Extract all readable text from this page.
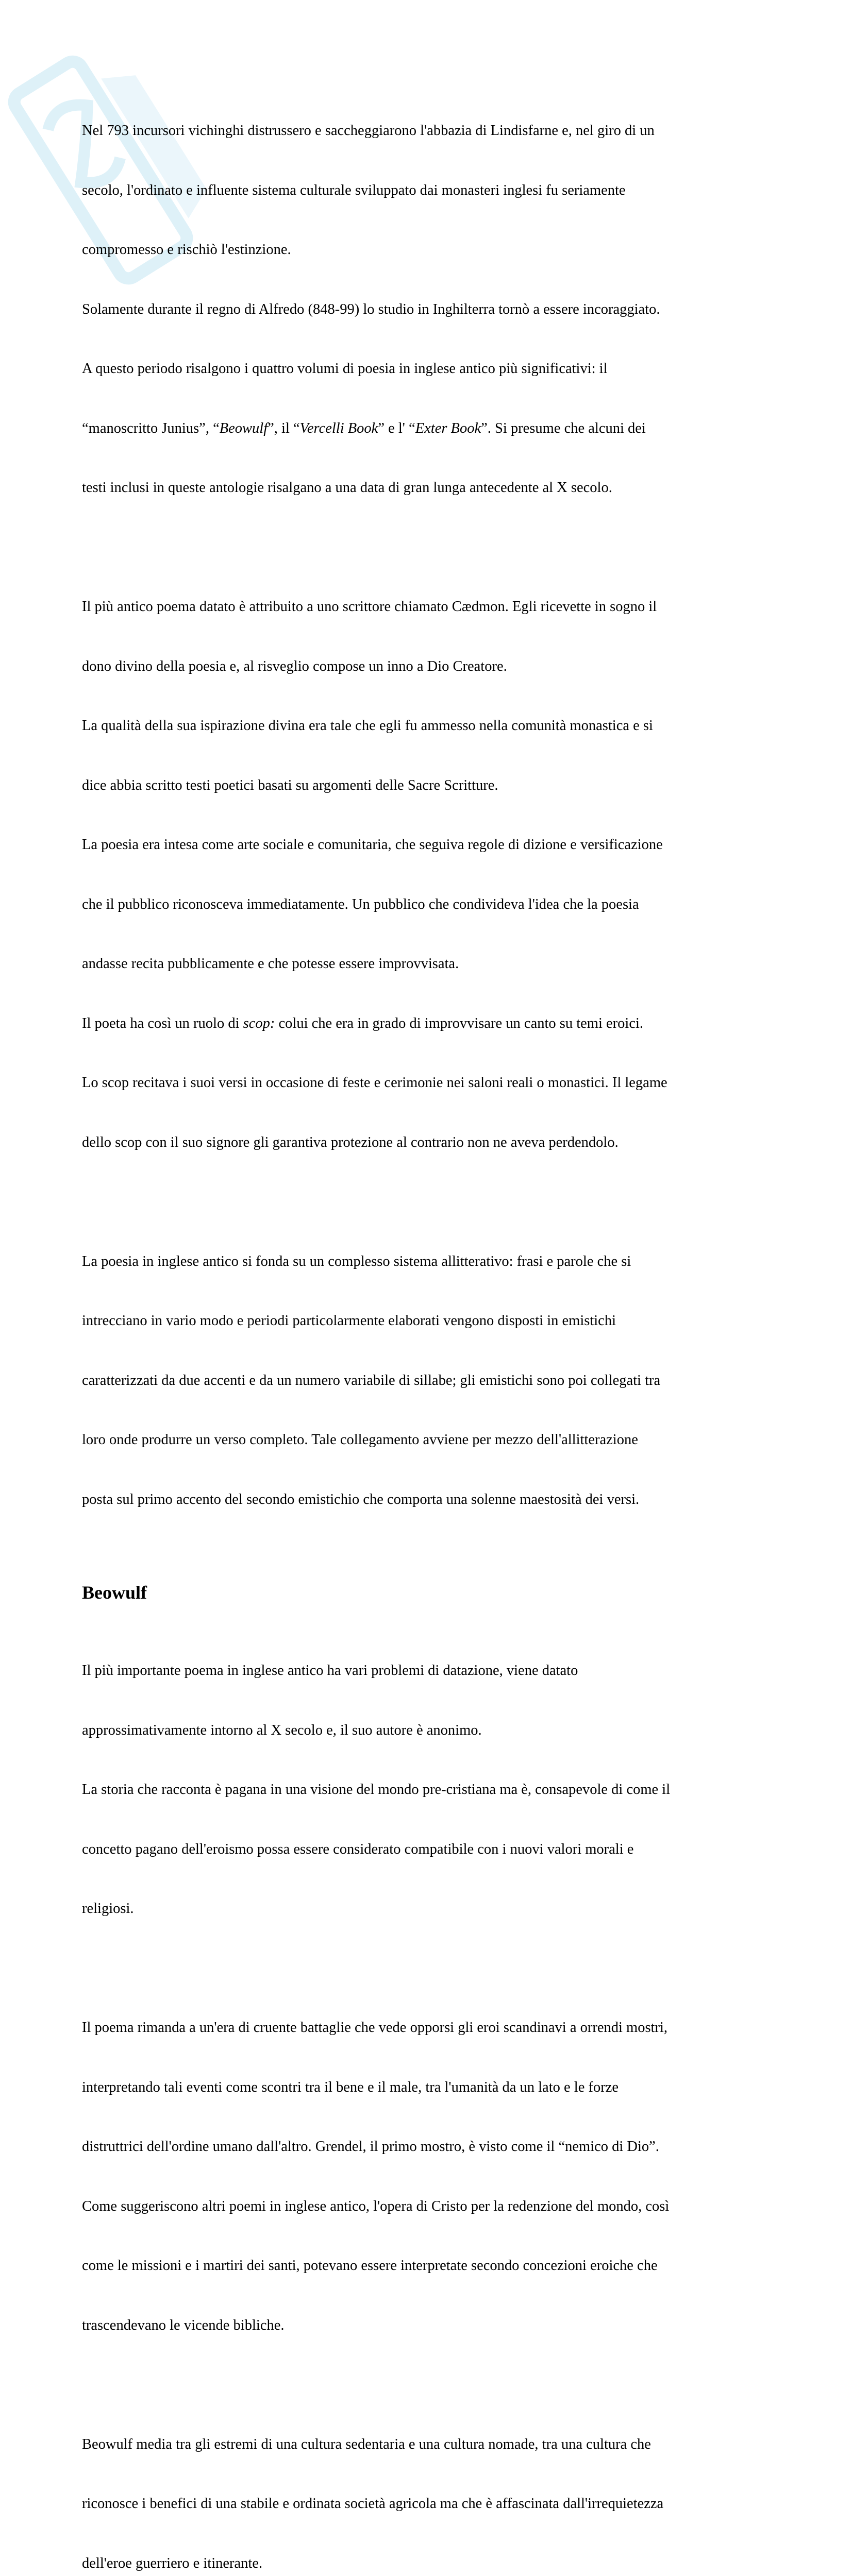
Nel 793 incursori vichinghi distrussero e saccheggiarono l'abbazia di Lindisfarne e, nel giro di un

secolo, l'ordinato e influente sistema culturale sviluppato dai monasteri inglesi fu seriamente

compromesso e rischiò l'estinzione.

Solamente durante il regno di Alfredo (848-99) lo studio in Inghilterra tornò a essere incoraggiato.

A questo periodo risalgono i quattro volumi di poesia in inglese antico più significativi: il

“manoscritto Junius”, “Beowulf”, il “Vercelli Book” e l' “Exter Book”. Si presume che alcuni dei

testi inclusi in queste antologie risalgano a una data di gran lunga antecedente al X secolo.

Il più antico poema datato è attribuito a uno scrittore chiamato Cædmon. Egli ricevette in sogno il

dono divino della poesia e, al risveglio compose un inno a Dio Creatore.

La qualità della sua ispirazione divina era tale che egli fu ammesso nella comunità monastica e si

dice abbia scritto testi poetici basati su argomenti delle Sacre Scritture.

La poesia era intesa come arte sociale e comunitaria, che seguiva regole di dizione e versificazione

che il pubblico riconosceva immediatamente. Un pubblico che condivideva l'idea che la poesia

andasse recita pubblicamente e che potesse essere improvvisata.

Il poeta ha così un ruolo di scop: colui che era in grado di improvvisare un canto su temi eroici.

Lo scop recitava i suoi versi in occasione di feste e cerimonie nei saloni reali o monastici. Il legame

dello scop con il suo signore gli garantiva protezione al contrario non ne aveva perdendolo.

La poesia in inglese antico si fonda su un complesso sistema allitterativo: frasi e parole che si

intrecciano in vario modo e periodi particolarmente elaborati vengono disposti in emistichi

caratterizzati da due accenti e da un numero variabile di sillabe; gli emistichi sono poi collegati tra

loro onde produrre un verso completo. Tale collegamento avviene per mezzo dell'allitterazione

posta sul primo accento del secondo emistichio che comporta una solenne maestosità dei versi.

Beowulf

Il più importante poema in inglese antico ha vari problemi di datazione, viene datato

approssimativamente intorno al X secolo e, il suo autore è anonimo.

La storia che racconta è pagana in una visione del mondo pre-cristiana ma è, consapevole di come il

concetto pagano dell'eroismo possa essere considerato compatibile con i nuovi valori morali e

religiosi.

Il poema rimanda a un'era di cruente battaglie che vede opporsi gli eroi scandinavi a orrendi mostri,

interpretando tali eventi come scontri tra il bene e il male, tra l'umanità da un lato e le forze

distruttrici dell'ordine umano dall'altro. Grendel, il primo mostro, è visto come il “nemico di Dio”.

Come suggeriscono altri poemi in inglese antico, l'opera di Cristo per la redenzione del mondo, così

come le missioni e i martiri dei santi, potevano essere interpretate secondo concezioni eroiche che

trascendevano le vicende bibliche.

Beowulf media tra gli estremi di una cultura sedentaria e una cultura nomade, tra una cultura che

riconosce i benefici di una stabile e ordinata società agricola ma che è affascinata dall'irrequietezza

dell'eroe guerriero e itinerante.
